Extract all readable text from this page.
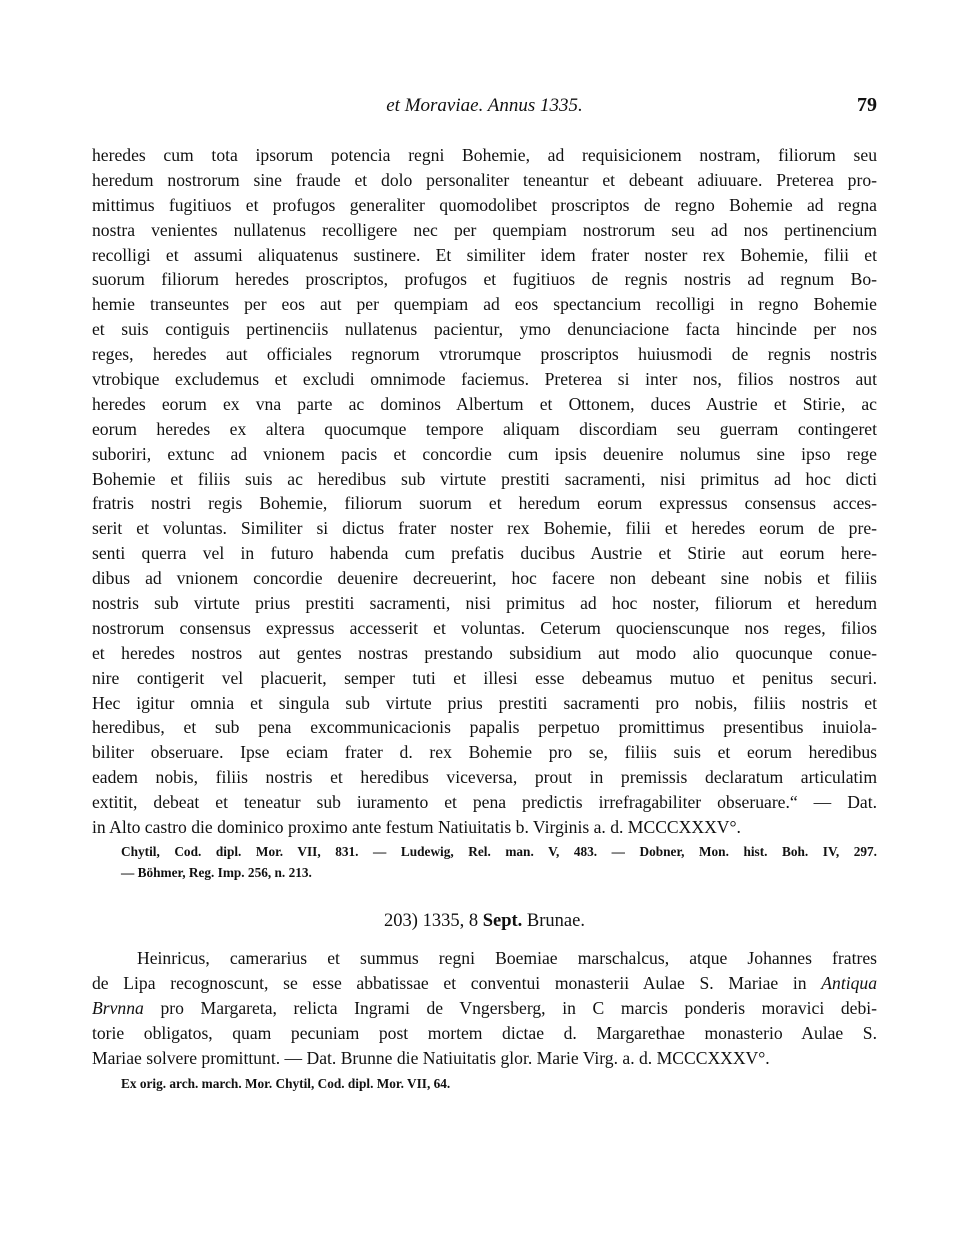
et Moraviae. Annus 1335.	79
heredes cum tota ipsorum potencia regni Bohemie, ad requisicionem nostram, filiorum seu
heredum nostrorum sine fraude et dolo personaliter teneantur et debeant adiuuare. Preterea pro-
mittimus fugitiuos et profugos generaliter quomodolibet proscriptos de regno Bohemie ad regna
nostra venientes nullatenus recolligere nec per quempiam nostrorum seu ad nos pertinencium
recolligi et assumi aliquatenus sustinere. Et similiter idem frater noster rex Bohemie, filii et
suorum filiorum heredes proscriptos, profugos et fugitiuos de regnis nostris ad regnum Bo-
hemie transeuntes per eos aut per quempiam ad eos spectancium recolligi in regno Bohemie
et suis contiguis pertinenciis nullatenus pacientur, ymo denunciacione facta hincinde per nos
reges, heredes aut officiales regnorum vtrorumque proscriptos huiusmodi de regnis nostris
vtrobique excludemus et excludi omnimode faciemus. Preterea si inter nos, filios nostros aut
heredes eorum ex vna parte ac dominos Albertum et Ottonem, duces Austrie et Stirie, ac
eorum heredes ex altera quocumque tempore aliquam discordiam seu guerram contingeret
suboriri, extunc ad vnionem pacis et concordie cum ipsis deuenire nolumus sine ipso rege
Bohemie et filiis suis ac heredibus sub virtute prestiti sacramenti, nisi primitus ad hoc dicti
fratris nostri regis Bohemie, filiorum suorum et heredum eorum expressus consensus acces-
serit et voluntas. Similiter si dictus frater noster rex Bohemie, filii et heredes eorum de pre-
senti querra vel in futuro habenda cum prefatis ducibus Austrie et Stirie aut eorum here-
dibus ad vnionem concordie deuenire decreuerint, hoc facere non debeant sine nobis et filiis
nostris sub virtute prius prestiti sacramenti, nisi primitus ad hoc noster, filiorum et heredum
nostrorum consensus expressus accesserit et voluntas. Ceterum quocienscunque nos reges, filios
et heredes nostros aut gentes nostras prestando subsidium aut modo alio quocunque conue-
nire contigerit vel placuerit, semper tuti et illesi esse debeamus mutuo et penitus securi.
Hec igitur omnia et singula sub virtute prius prestiti sacramenti pro nobis, filiis nostris et
heredibus, et sub pena excommunicacionis papalis perpetuo promittimus presentibus inuiola-
biliter obseruare. Ipse eciam frater d. rex Bohemie pro se, filiis suis et eorum heredibus
eadem nobis, filiis nostris et heredibus viceversa, prout in premissis declaratum articulatim
extitit, debeat et teneatur sub iuramento et pena predictis irrefragabiliter obseruare.“ — Dat.
in Alto castro die dominico proximo ante festum Natiuitatis b. Virginis a. d. MCCCXXXV°.
Chytil, Cod. dipl. Mor. VII, 831. — Ludewig, Rel. man. V, 483. — Dobner, Mon. hist. Boh. IV, 297.
— Böhmer, Reg. Imp. 256, n. 213.
203) 1335, 8 Sept. Brunae.
Heinricus, camerarius et summus regni Boemiae marschalcus, atque Johannes fratres
de Lipa recognoscunt, se esse abbatissae et conventui monasterii Aulae S. Mariae in Antiqua
Brvnna pro Margareta, relicta Ingrami de Vngersberg, in C marcis ponderis moravici debi-
torie obligatos, quam pecuniam post mortem dictae d. Margarethae monasterio Aulae S.
Mariae solvere promittunt. — Dat. Brunne die Natiuitatis glor. Marie Virg. a. d. MCCCXXXV°.
Ex orig. arch. march. Mor. Chytil, Cod. dipl. Mor. VII, 64.
